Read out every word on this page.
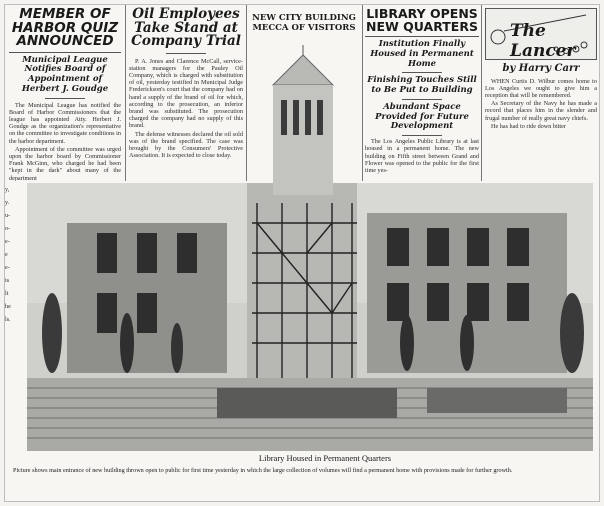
MEMBER OF HARBOR QUIZ ANNOUNCED
Municipal League Notifies Board of Appointment of Herbert J. Goudge

The Municipal League has notified the Board of Harbor Commissioners that the league has appointed Atty. Herbert J. Goudge as the organization's representative on the committee to investigate conditions in the harbor department.

Appointment of the committee was urged upon the harbor board by Commissioner Frank McGinn, who charged he had been "kept in the dark" about many of the department

Oil Employees Take Stand at Company Trial

P. A. Jones and Clarence McCall, service-station managers for the Pauley Oil Company, which is charged with substitution of oil, yesterday testified in Municipal Judge Frederickson's court that the company had on hand a supply of the brand of oil for which, according to the prosecution, an inferior brand was substituted. The prosecution charged the company had no supply of this brand.

The defense witnesses declared the oil sold was of the brand specified. The case was brought by the Consumers' Protective Association. It is expected to close today.

NEW CITY BUILDING MECCA OF VISITORS
LIBRARY OPENS NEW QUARTERS
Institution Finally Housed in Permanent Home
Finishing Touches Still to Be Put to Building
Abundant Space Provided for Future Development

The Los Angeles Public Library is at last housed in a permanent home. The new building on Fifth street between Grand and Flower was opened to the public for the first time yes-

The Lancer
by Harry Carr

WHEN Curtis D. Wilbur comes home to Los Angeles we ought to give him a reception that will be remembered.

As Secretary of the Navy he has made a record that places him in the slender and frugal number of really great navy chiefs.

He has had to ride down bitter

y,
y.
u-
o-
e-
e
e-
is
lt
he
ls.
Library Housed in Permanent Quarters
Picture shows main entrance of new building thrown open to public for first time yesterday in which the large collection of volumes will find a permanent home with provisions made for further growth.
